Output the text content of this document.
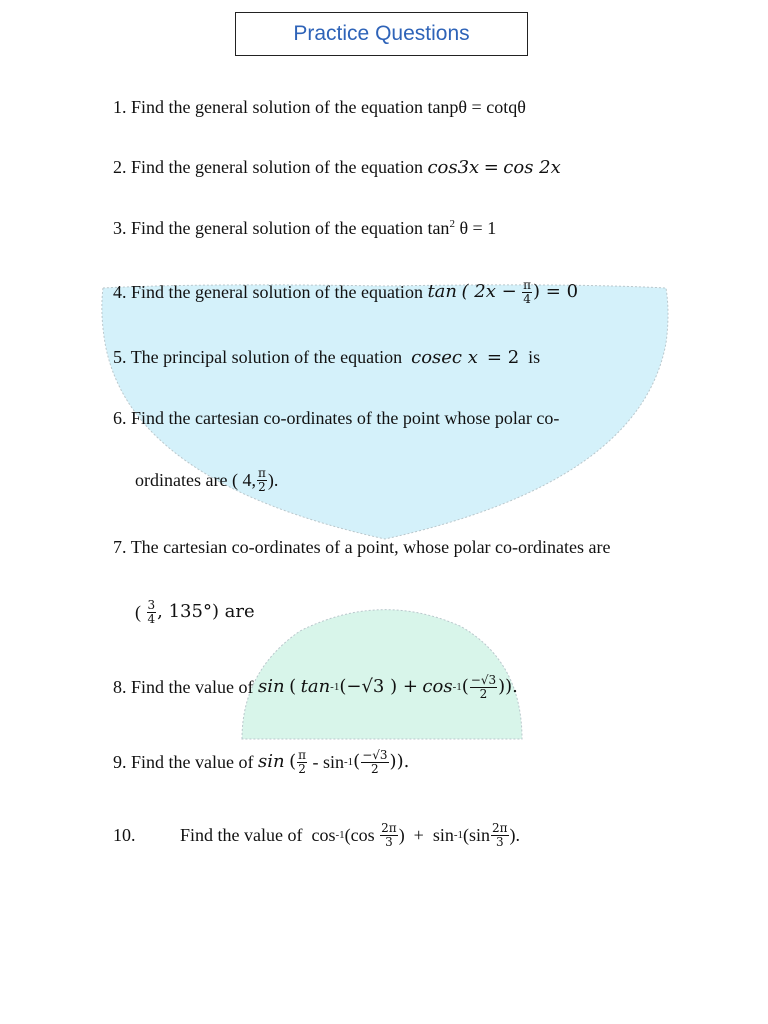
Practice Questions
1. Find the general solution of the equation tanpθ = cotqθ
2. Find the general solution of the equation cos3x = cos 2x
3. Find the general solution of the equation $\tan^2 \theta = 1$
4.
Find the general solution of the equation
tan
( 2x −
$\frac{\pi}{4}$ ) = 0
5. The principal solution of the equation cosec x = 2 is
6. Find the cartesian co-ordinates of the point whose polar co-
ordinates are ( 4, $\frac{\pi}{2}$ ).
7. The cartesian co-ordinates of a point, whose polar co-ordinates are
(
$\frac{3}{4}$ , 135°) are
8.
Find the value of
sin
(
tan -1 (−√3 ) +
cos -1 ( $\frac{-√3}{2}$ )).
9.
Find the value of
sin
( $\frac{\pi}{2}$ - sin -1 ( $\frac{-√3}{2}$ )).
10.	Find the value of  cos -1 (cos
$\frac{2\pi}{3}$ )  +  sin -1 ($\sin \frac{2\pi}{3}$ ).
